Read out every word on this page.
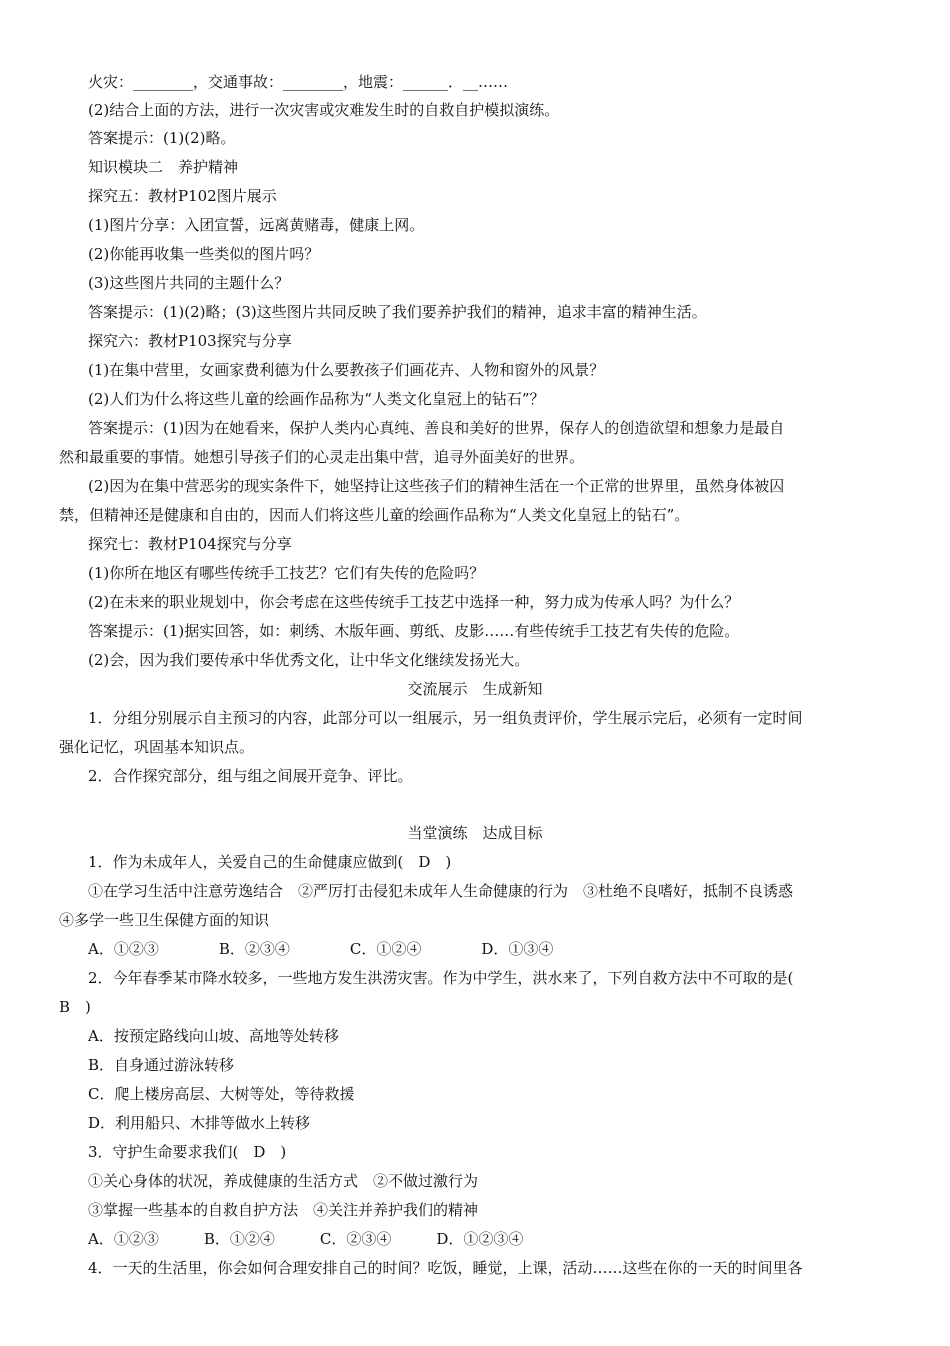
火灾：________，交通事故：________，地震：______．__……
(2)结合上面的方法，进行一次灾害或灾难发生时的自救自护模拟演练。
答案提示：(1)(2)略。
知识模块二　养护精神
探究五：教材P102图片展示
(1)图片分享：入团宣誓，远离黄赌毒，健康上网。
(2)你能再收集一些类似的图片吗？
(3)这些图片共同的主题什么？
答案提示：(1)(2)略；(3)这些图片共同反映了我们要养护我们的精神，追求丰富的精神生活。
探究六：教材P103探究与分享
(1)在集中营里，女画家费利德为什么要教孩子们画花卉、人物和窗外的风景？
(2)人们为什么将这些儿童的绘画作品称为“人类文化皇冠上的钻石”？
答案提示：(1)因为在她看来，保护人类内心真纯、善良和美好的世界，保存人的创造欲望和想象力是最自
然和最重要的事情。她想引导孩子们的心灵走出集中营，追寻外面美好的世界。
(2)因为在集中营恶劣的现实条件下，她坚持让这些孩子们的精神生活在一个正常的世界里，虽然身体被囚
禁，但精神还是健康和自由的，因而人们将这些儿童的绘画作品称为“人类文化皇冠上的钻石”。
探究七：教材P104探究与分享
(1)你所在地区有哪些传统手工技艺？它们有失传的危险吗？
(2)在未来的职业规划中，你会考虑在这些传统手工技艺中选择一种，努力成为传承人吗？为什么？
答案提示：(1)据实回答，如：刺绣、木版年画、剪纸、皮影……有些传统手工技艺有失传的危险。
(2)会，因为我们要传承中华优秀文化，让中华文化继续发扬光大。
交流展示　生成新知
1．分组分别展示自主预习的内容，此部分可以一组展示，另一组负责评价，学生展示完后，必须有一定时间
强化记忆，巩固基本知识点。
2．合作探究部分，组与组之间展开竞争、评比。
当堂演练　达成目标
1．作为未成年人，关爱自己的生命健康应做到(　D　)
①在学习生活中注意劳逸结合　②严厉打击侵犯未成年人生命健康的行为　③杜绝不良嗜好，抵制不良诱惑
④多学一些卫生保健方面的知识
A．①②③　　　　B．②③④　　　　C．①②④　　　　D．①③④
2．今年春季某市降水较多，一些地方发生洪涝灾害。作为中学生，洪水来了，下列自救方法中不可取的是(
B　)
A．按预定路线向山坡、高地等处转移
B．自身通过游泳转移
C．爬上楼房高层、大树等处，等待救援
D．利用船只、木排等做水上转移
3．守护生命要求我们(　D　)
①关心身体的状况，养成健康的生活方式　②不做过激行为
③掌握一些基本的自救自护方法　④关注并养护我们的精神
A．①②③　　　B．①②④　　　C．②③④　　　D．①②③④
4．一天的生活里，你会如何合理安排自己的时间？吃饭，睡觉，上课，活动……这些在你的一天的时间里各
